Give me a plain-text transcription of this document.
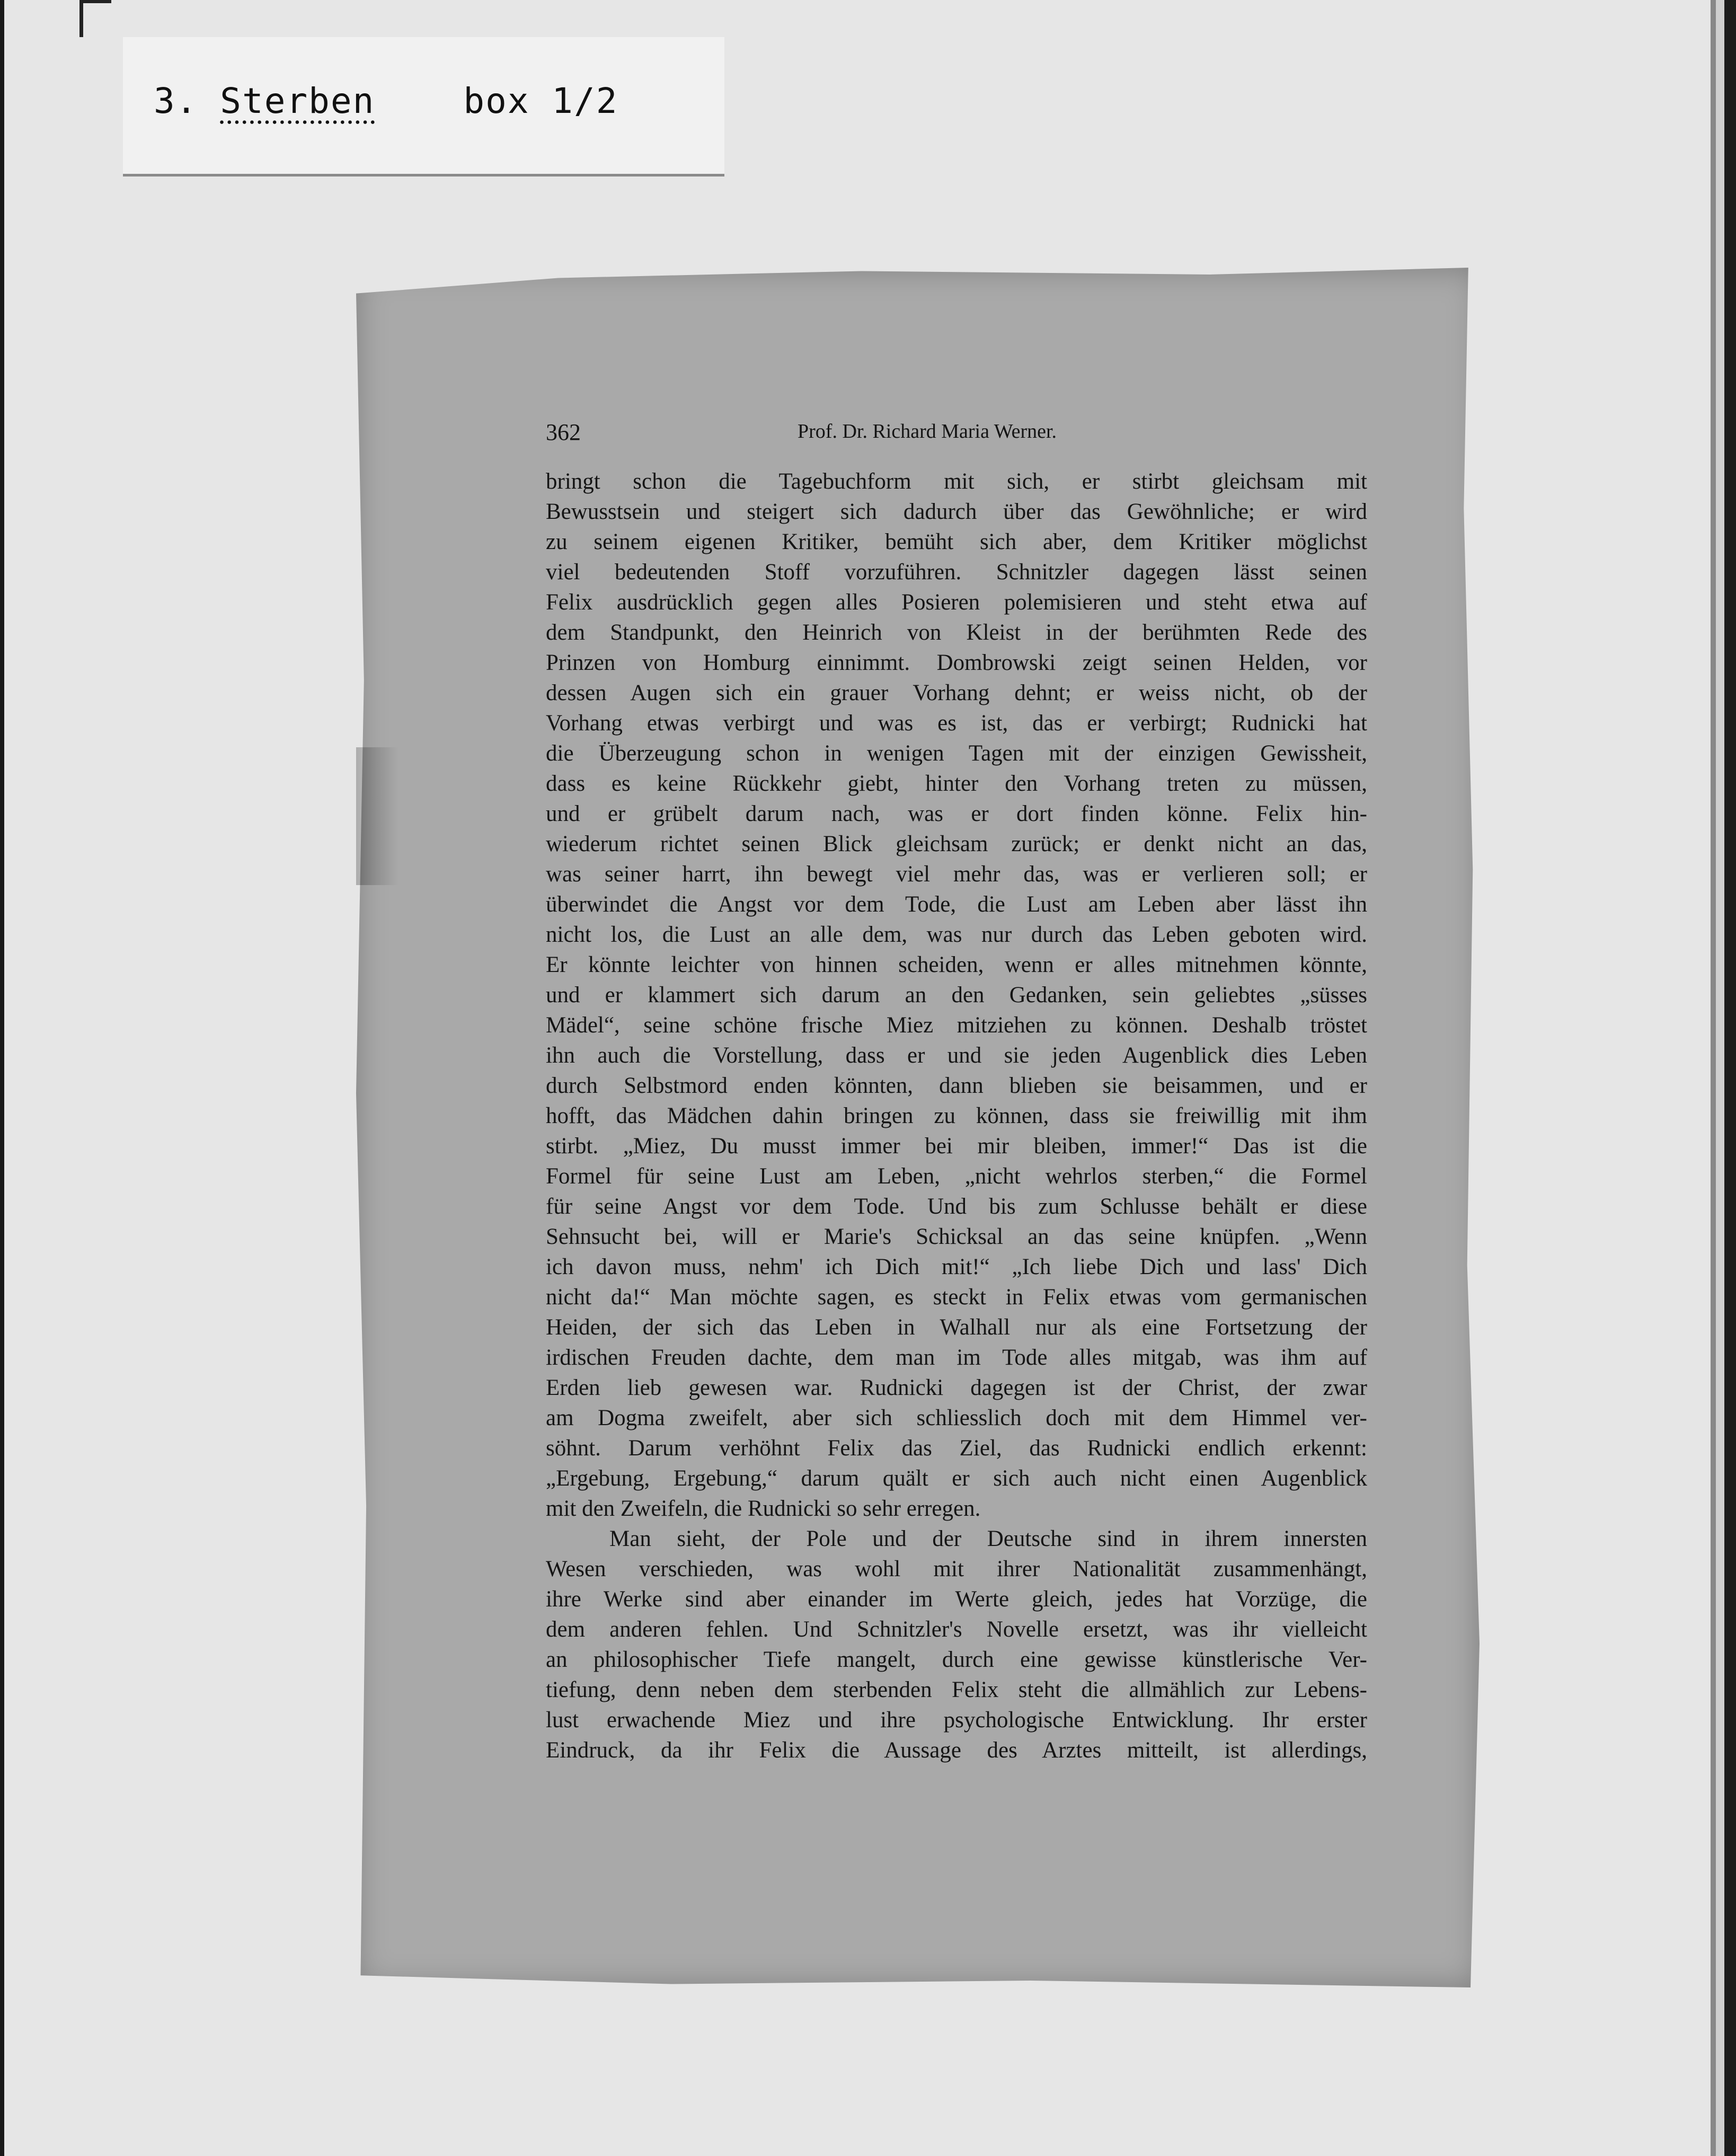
3. Sterben	box 1/2
362	Prof. Dr. Richard Maria Werner.
bringt schon die Tagebuchform mit sich, er stirbt gleichsam mit
Bewusstsein und steigert sich dadurch über das Gewöhnliche; er wird
zu seinem eigenen Kritiker, bemüht sich aber, dem Kritiker möglichst
viel bedeutenden Stoff vorzuführen. Schnitzler dagegen lässt seinen
Felix ausdrücklich gegen alles Posieren polemisieren und steht etwa auf
dem Standpunkt, den Heinrich von Kleist in der berühmten Rede des
Prinzen von Homburg einnimmt. Dombrowski zeigt seinen Helden, vor
dessen Augen sich ein grauer Vorhang dehnt; er weiss nicht, ob der
Vorhang etwas verbirgt und was es ist, das er verbirgt; Rudnicki hat
die Überzeugung schon in wenigen Tagen mit der einzigen Gewissheit,
dass es keine Rückkehr giebt, hinter den Vorhang treten zu müssen,
und er grübelt darum nach, was er dort finden könne. Felix hin-
wiederum richtet seinen Blick gleichsam zurück; er denkt nicht an das,
was seiner harrt, ihn bewegt viel mehr das, was er verlieren soll; er
überwindet die Angst vor dem Tode, die Lust am Leben aber lässt ihn
nicht los, die Lust an alle dem, was nur durch das Leben geboten wird.
Er könnte leichter von hinnen scheiden, wenn er alles mitnehmen könnte,
und er klammert sich darum an den Gedanken, sein geliebtes „süsses
Mädel“, seine schöne frische Miez mitziehen zu können. Deshalb tröstet
ihn auch die Vorstellung, dass er und sie jeden Augenblick dies Leben
durch Selbstmord enden könnten, dann blieben sie beisammen, und er
hofft, das Mädchen dahin bringen zu können, dass sie freiwillig mit ihm
stirbt. „Miez, Du musst immer bei mir bleiben, immer!“ Das ist die
Formel für seine Lust am Leben, „nicht wehrlos sterben,“ die Formel
für seine Angst vor dem Tode. Und bis zum Schlusse behält er diese
Sehnsucht bei, will er Marie's Schicksal an das seine knüpfen. „Wenn
ich davon muss, nehm' ich Dich mit!“ „Ich liebe Dich und lass' Dich
nicht da!“ Man möchte sagen, es steckt in Felix etwas vom germanischen
Heiden, der sich das Leben in Walhall nur als eine Fortsetzung der
irdischen Freuden dachte, dem man im Tode alles mitgab, was ihm auf
Erden lieb gewesen war. Rudnicki dagegen ist der Christ, der zwar
am Dogma zweifelt, aber sich schliesslich doch mit dem Himmel ver-
söhnt. Darum verhöhnt Felix das Ziel, das Rudnicki endlich erkennt:
„Ergebung, Ergebung,“ darum quält er sich auch nicht einen Augenblick
mit den Zweifeln, die Rudnicki so sehr erregen.
Man sieht, der Pole und der Deutsche sind in ihrem innersten
Wesen verschieden, was wohl mit ihrer Nationalität zusammenhängt,
ihre Werke sind aber einander im Werte gleich, jedes hat Vorzüge, die
dem anderen fehlen. Und Schnitzler's Novelle ersetzt, was ihr vielleicht
an philosophischer Tiefe mangelt, durch eine gewisse künstlerische Ver-
tiefung, denn neben dem sterbenden Felix steht die allmählich zur Lebens-
lust erwachende Miez und ihre psychologische Entwicklung. Ihr erster
Eindruck, da ihr Felix die Aussage des Arztes mitteilt, ist allerdings,
